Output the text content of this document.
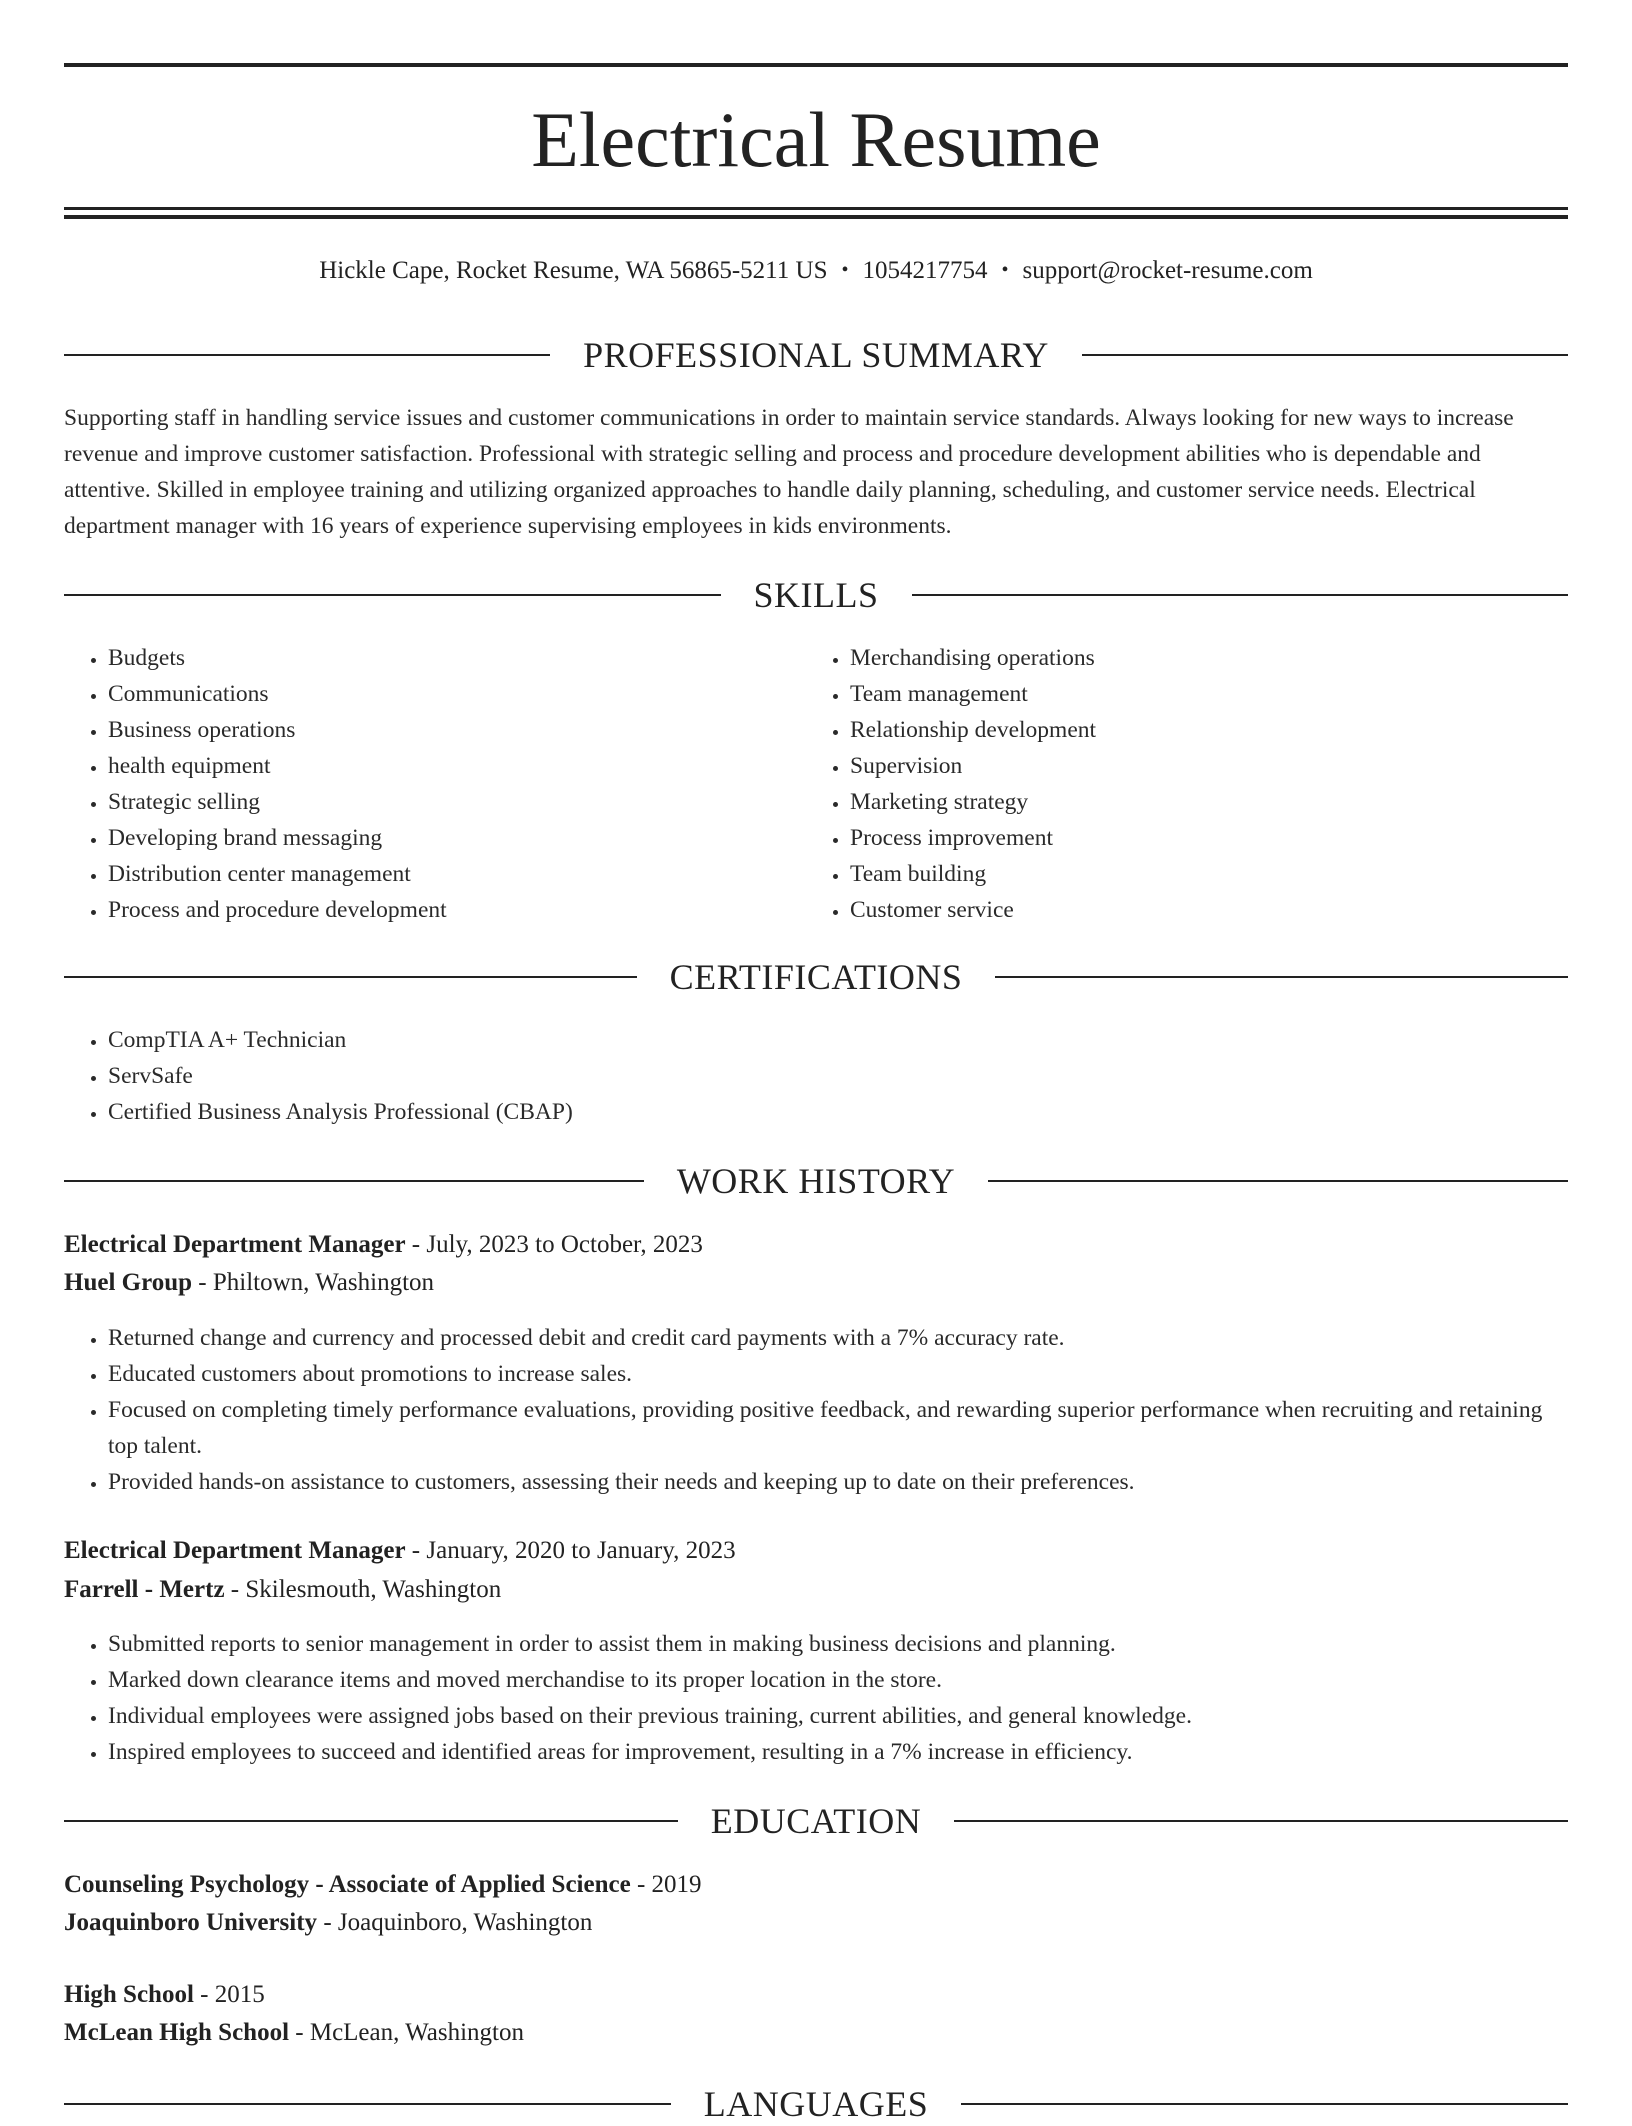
Electrical Resume
Hickle Cape, Rocket Resume, WA 56865-5211 US • 1054217754 • support@rocket-resume.com
PROFESSIONAL SUMMARY

Supporting staff in handling service issues and customer communications in order to maintain service standards. Always looking for new ways to increase revenue and improve customer satisfaction. Professional with strategic selling and process and procedure development abilities who is dependable and attentive. Skilled in employee training and utilizing organized approaches to handle daily planning, scheduling, and customer service needs. Electrical department manager with 16 years of experience supervising employees in kids environments.

SKILLS
• Budgets
• Communications
• Business operations
• health equipment
• Strategic selling
• Developing brand messaging
• Distribution center management
• Process and procedure development
• Merchandising operations
• Team management
• Relationship development
• Supervision
• Marketing strategy
• Process improvement
• Team building
• Customer service
CERTIFICATIONS
• CompTIA A+ Technician
• ServSafe
• Certified Business Analysis Professional (CBAP)
WORK HISTORY
Electrical Department Manager - July, 2023 to October, 2023
Huel Group - Philtown, Washington
• Returned change and currency and processed debit and credit card payments with a 7% accuracy rate.
• Educated customers about promotions to increase sales.
• Focused on completing timely performance evaluations, providing positive feedback, and rewarding superior performance when recruiting and retaining top talent.
• Provided hands-on assistance to customers, assessing their needs and keeping up to date on their preferences.
Electrical Department Manager - January, 2020 to January, 2023
Farrell - Mertz - Skilesmouth, Washington
• Submitted reports to senior management in order to assist them in making business decisions and planning.
• Marked down clearance items and moved merchandise to its proper location in the store.
• Individual employees were assigned jobs based on their previous training, current abilities, and general knowledge.
• Inspired employees to succeed and identified areas for improvement, resulting in a 7% increase in efficiency.
EDUCATION
Counseling Psychology - Associate of Applied Science - 2019
Joaquinboro University - Joaquinboro, Washington
High School - 2015
McLean High School - McLean, Washington
LANGUAGES
